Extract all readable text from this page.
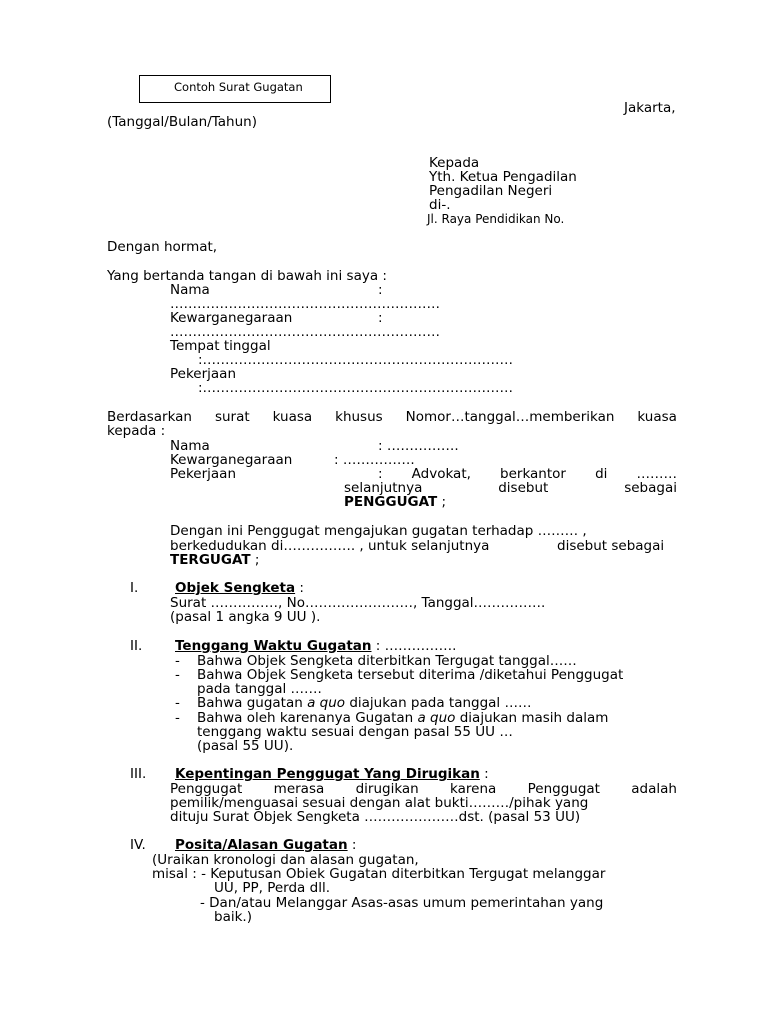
Contoh Surat Gugatan
Jakarta,
(Tanggal/Bulan/Tahun)
Kepada
Yth. Ketua Pengadilan
Pengadilan Negeri
di-.
Jl. Raya Pendidikan No.
Dengan hormat,
Yang bertanda tangan di bawah ini saya :
Nama	:
……………………………………………………
Kewarganegaraan	:
……………………………………………………
Tempat tinggal
:……………………………………………………………
Pekerjaan
:……………………………………………………………
Berdasarkan surat kuasa khusus Nomor…tanggal…memberikan kuasa
kepada :
Nama	: …………….
Kewarganegaraan	: …………….
Pekerjaan	: Advokat, berkantor di ………
selanjutnya	disebut	sebagai
PENGGUGAT ;
Dengan ini Penggugat mengajukan gugatan terhadap ……… ,
berkedudukan di……………. , untuk selanjutnya	disebut sebagai
TERGUGAT ;
I.	Objek Sengketa :
Surat ……………, No……………………, Tanggal…………….
(pasal 1 angka 9 UU ).
II. Tenggang Waktu Gugatan : …………….
- Bahwa Objek Sengketa diterbitkan Tergugat tanggal……
- Bahwa Objek Sengketa tersebut diterima /diketahui Penggugat
pada tanggal …….
- Bahwa gugatan a quo diajukan pada tanggal ……
- Bahwa oleh karenanya Gugatan a quo diajukan masih dalam
tenggang waktu sesuai dengan pasal 55 UU …
(pasal 55 UU).
III. Kepentingan Penggugat Yang Dirugikan :
Penggugat merasa dirugikan karena Penggugat adalah
pemilik/menguasai sesuai dengan alat bukti………/pihak yang
dituju Surat Objek Sengketa …………………dst. (pasal 53 UU)
IV. Posita/Alasan Gugatan :
(Uraikan kronologi dan alasan gugatan,
misal : - Keputusan Obiek Gugatan diterbitkan Tergugat melanggar
UU, PP, Perda dll.
- Dan/atau Melanggar Asas-asas umum pemerintahan yang
baik.)
